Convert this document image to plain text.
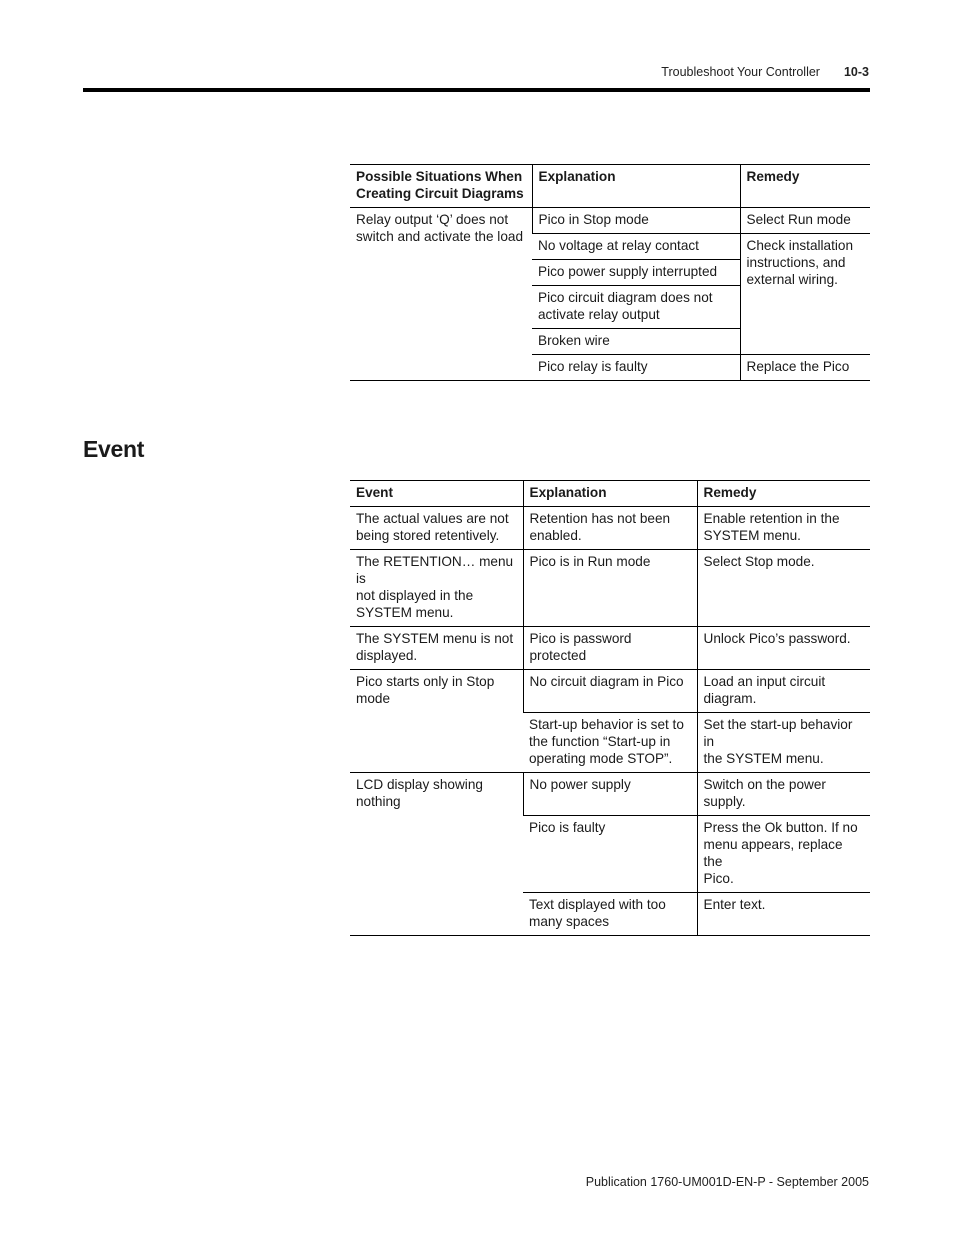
Troubleshoot Your Controller 10-3
Possible Situations When
Creating Circuit Diagrams	Explanation	Remedy
Relay output ‘Q’ does not
switch and activate the load	Pico in Stop mode	Select Run mode
	No voltage at relay contact	Check installation
instructions, and
external wiring.
	Pico power supply interrupted	
	Pico circuit diagram does not
activate relay output	
	Broken wire	
	Pico relay is faulty	Replace the Pico
Event
Event	Explanation	Remedy
The actual values are not
being stored retentively.	Retention has not been
enabled.	Enable retention in the
SYSTEM menu.
The RETENTION… menu is
not displayed in the
SYSTEM menu.	Pico is in Run mode	Select Stop mode.
The SYSTEM menu is not
displayed.	Pico is password protected	Unlock Pico’s password.
Pico starts only in Stop
mode	No circuit diagram in Pico	Load an input circuit
diagram.
	Start-up behavior is set to
the function “Start-up in
operating mode STOP”.	Set the start-up behavior in
the SYSTEM menu.
LCD display showing
nothing	No power supply	Switch on the power supply.
	Pico is faulty	Press the Ok button. If no
menu appears, replace the
Pico.
	Text displayed with too
many spaces	Enter text.
Publication 1760-UM001D-EN-P - September 2005
